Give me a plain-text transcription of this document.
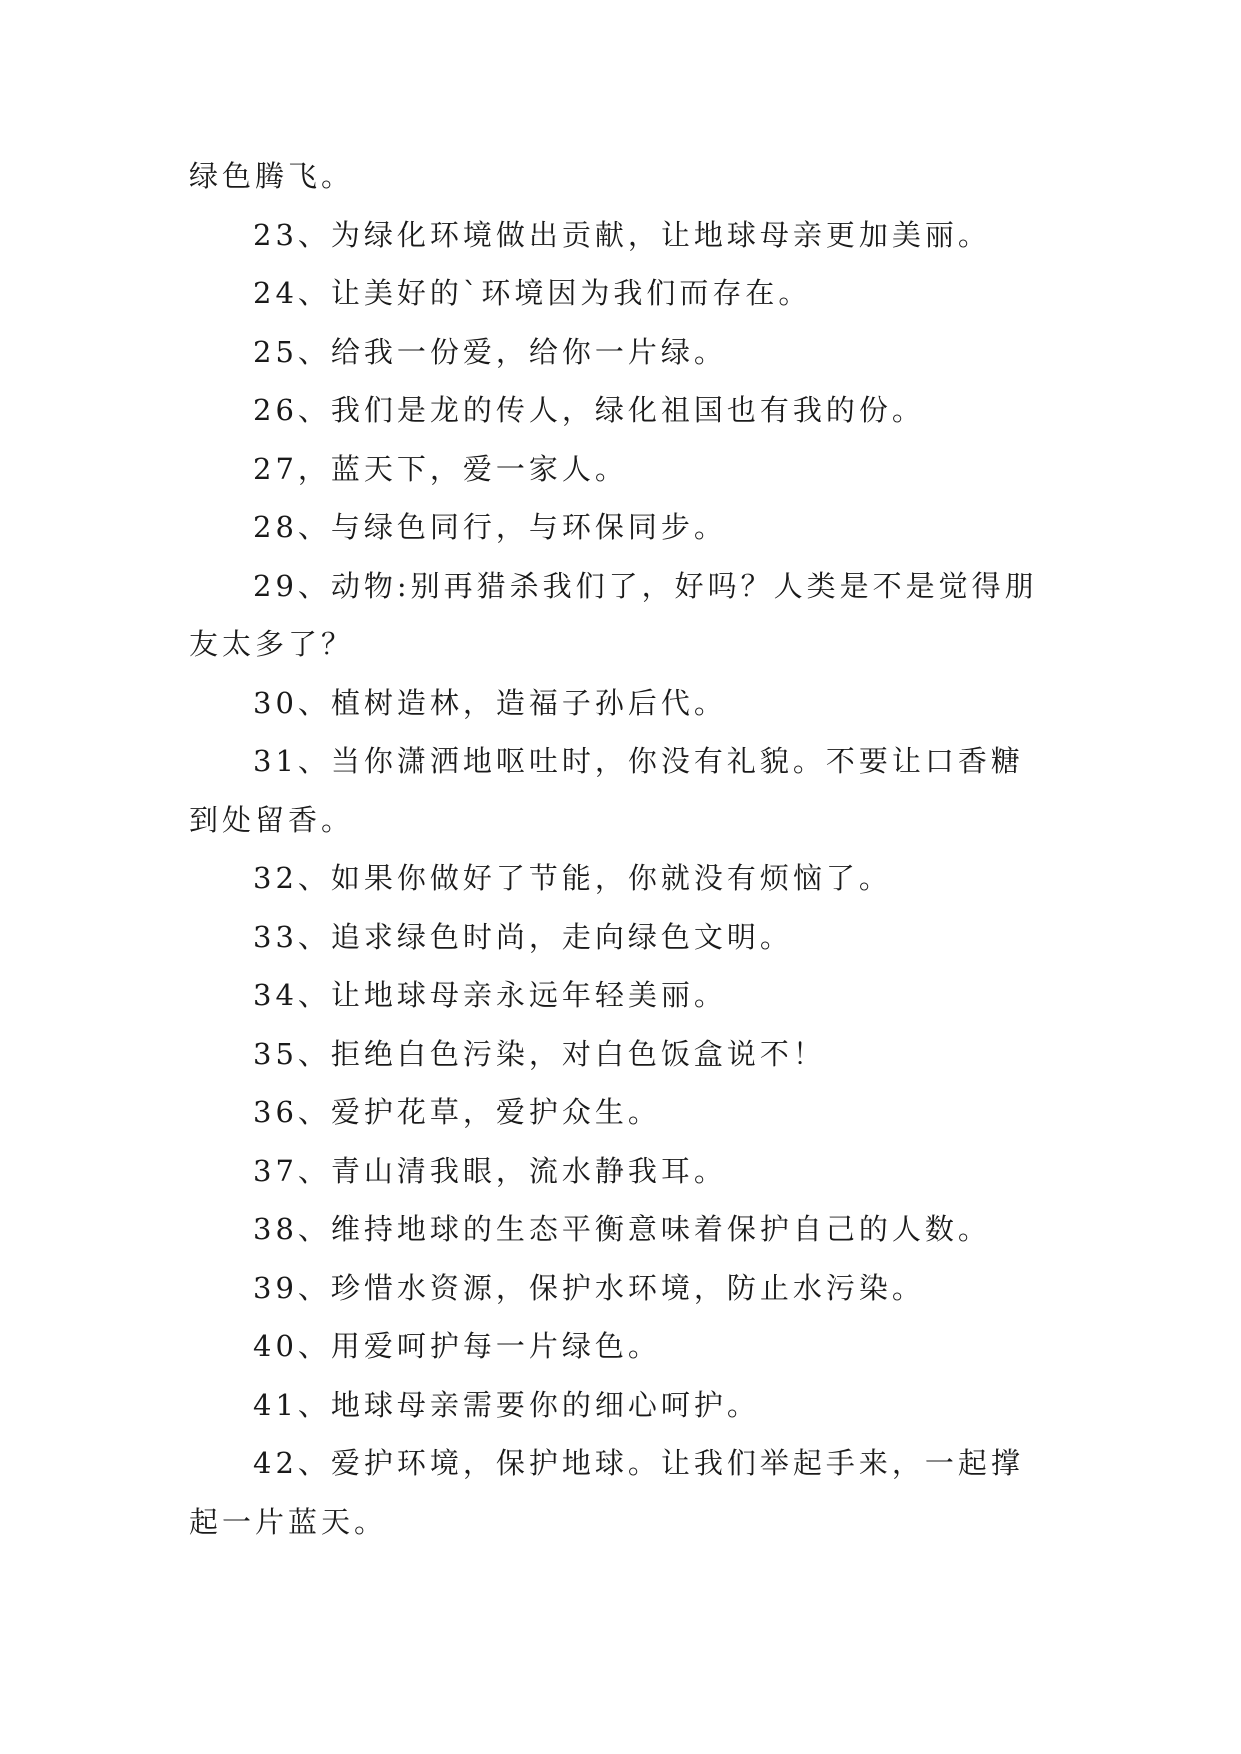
绿色腾飞。

23、为绿化环境做出贡献，让地球母亲更加美丽。

24、让美好的`环境因为我们而存在。

25、给我一份爱，给你一片绿。

26、我们是龙的传人，绿化祖国也有我的份。

27，蓝天下，爱一家人。

28、与绿色同行，与环保同步。

29、动物:别再猎杀我们了，好吗？人类是不是觉得朋友太多了？

30、植树造林，造福子孙后代。

31、当你潇洒地呕吐时，你没有礼貌。不要让口香糖到处留香。

32、如果你做好了节能，你就没有烦恼了。

33、追求绿色时尚，走向绿色文明。

34、让地球母亲永远年轻美丽。

35、拒绝白色污染，对白色饭盒说不！

36、爱护花草，爱护众生。

37、青山清我眼，流水静我耳。

38、维持地球的生态平衡意味着保护自己的人数。

39、珍惜水资源，保护水环境，防止水污染。

40、用爱呵护每一片绿色。

41、地球母亲需要你的细心呵护。

42、爱护环境，保护地球。让我们举起手来，一起撑起一片蓝天。
